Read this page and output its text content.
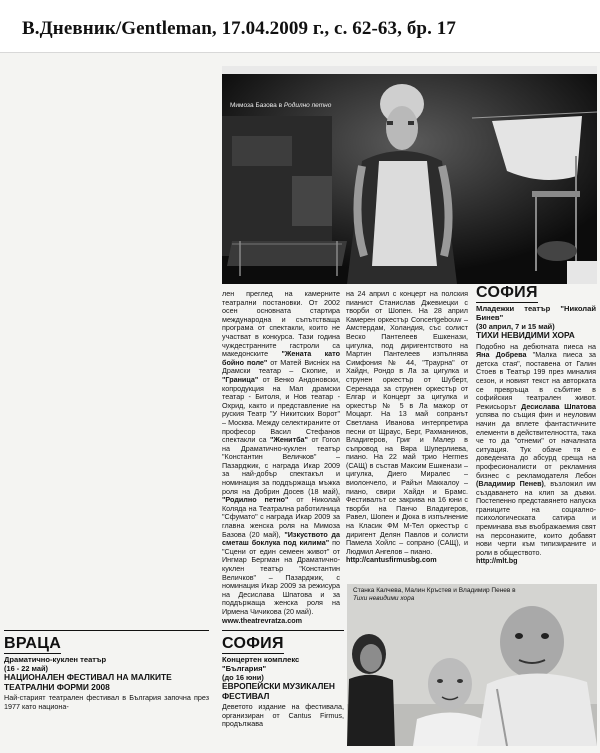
В.Дневник/Gentleman, 17.04.2009 г., с. 62-63, бр. 17
Мимоза Базова в Родилно петно
лен преглед на камерните театрални постановки. От 2002 осен основната стартира международна и съпътстваща програма от спектакли, които не участват в конкурса. Тази година чуждестранните гастроли са македонските "Жената като бойно поле" от Матей Виснієк на Драмски театар – Скопие, и "Граница" от Венко Андоновски, копродукция на Мал драмски театар - Битоля, и Нов театар - Охрид, както и представление на руския Театр "У Никитских Ворот" – Москва. Между селектираните от професор Васил Стефанов спектакли са "Женитба" от Гогол на Драматично-куклен театър "Константин Величков" – Пазарджик, с наградa Икар 2009 за най-добър спектакъл и номинация за поддържаща мъжка роля на Добрин Досев (18 май), "Родилно петно" от Николай Коляда на Театрална работилница "Сфумато" с награда Икар 2009 за главна женска роля на Мимоза Базова (20 май), "Изкуството да сметаш боклука под килима" по "Сцени от един семеен живот" от Ингмар Бергман на Драматично-куклен театър "Константин Величков" – Пазарджик, с номинация Икар 2009 за режисура на Десислава Шпатова и за поддържаща женска роля на Ирмена Чичикова (20 май).
www.theatrevratza.com
на 24 април с концерт на полския пианист Станислав Джевиецки с творби от Шопен. На 28 април Камерен оркестър Concertgebouw – Амстердам, Холандия, със солист Веско Пантелеев Ешкенази, цигулка, под диригентството на Мартин Пантелеев изпълнява Симфония № 44, "Траурна" от Хайдн, Рондо в Ла за цигулка и струнен оркестър от Шуберт, Серенада за струнен оркестър от Елгар и Концерт за цигулка и оркестър № 5 в Ла мажор от Моцарт. На 13 май сопранът Светлана Иванова интерпретира песни от Щраус, Берг, Рахманинов, Владигеров, Григ и Малер в съпровод на Вяра Шуперлиева, пиано. На 22 май трио Hermes (САЩ) в състав Максим Ешкенази – цигулка, Диего Миралес – виолончело, и Райън Маккалоу – пиано, свири Хайдн и Брамс. Фестивалът се закрива на 16 юни с творби на Панчо Владигеров, Равел, Шопен и Дюка в изпълнение на Класик ФМ М-Тел оркестър с диригент Делян Павлов и солисти Памела Хойлс – сопрано (САЩ), и Людмил Ангелов – пиано.
http://cantusfirmusbg.com
СОФИЯ
Младежки театър "Николай Бинев"
(30 април, 7 и 15 май)
ТИХИ НЕВИДИМИ ХОРА
Подобно на дебютната пиеса на Яна Добрева "Малка пиеса за детска стая", поставена от Галин Стоев в Театър 199 през миналия сезон, и новият текст на авторката се превръща в събитие в софийския театрален живот. Режисьорът Десислава Шпатова успява по същия фин и неуловим начин да вплете фантастичните елементи в действителността, така че то да "отнеми" от началната ситуация. Тук обаче тя е доведената до абсурд среща на професионалисти от рекламния бизнес с рекламодателя Лебон (Владимир Пенев), възложил им създаването на клип за дъвки. Постепенно представянето напуска границите на социално-психологическата сатира и преминава във въображаемия свят на персонажите, които добавят нови черти към типизираните и роли в обществото.
http://mlt.bg
ВРАЦА
Драматично-куклен театър
(16 - 22 май)
НАЦИОНАЛЕН ФЕСТИВАЛ НА МАЛКИТЕ ТЕАТРАЛНИ ФОРМИ 2008
Най-старият театрален фестивал в България започна през 1977 като национа-
СОФИЯ
Концертен комплекс "България"
(до 16 юни)
ЕВРОПЕЙСКИ МУЗИКАЛЕН ФЕСТИВАЛ
Деветото издание на фестивала, организиран от Cantus Firmus, продължава
Станка Калчева, Малин Кръстев и Владимир Пенев в
Тихи невидими хора
